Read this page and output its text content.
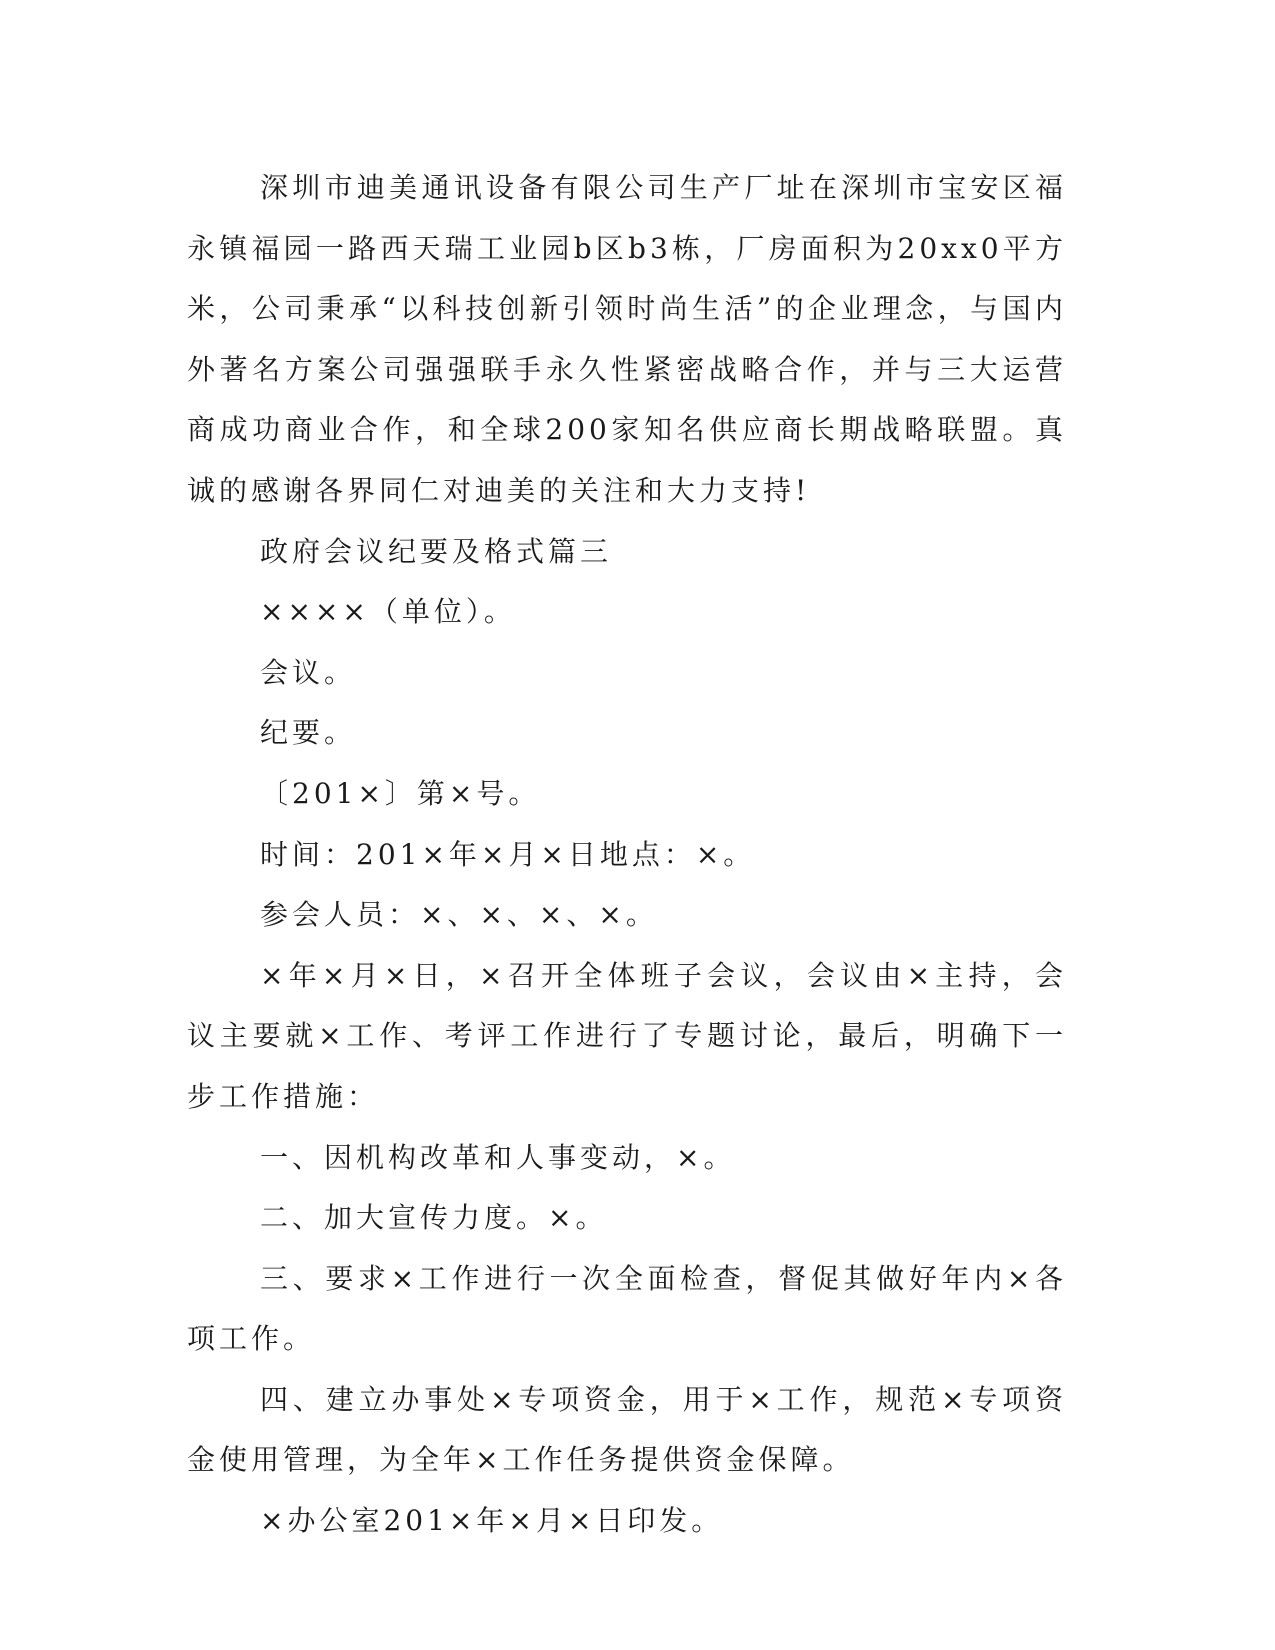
深圳市迪美通讯设备有限公司生产厂址在深圳市宝安区福永镇福园一路西天瑞工业园b区b3栋，厂房面积为20xx0平方米，公司秉承“以科技创新引领时尚生活”的企业理念，与国内外著名方案公司强强联手永久性紧密战略合作，并与三大运营商成功商业合作，和全球200家知名供应商长期战略联盟。真诚的感谢各界同仁对迪美的关注和大力支持!

政府会议纪要及格式篇三

××××（单位）。

会议。

纪要。

〔201×〕第×号。

时间：201×年×月×日地点：×。

参会人员：×、×、×、×。

×年×月×日，×召开全体班子会议，会议由×主持，会议主要就×工作、考评工作进行了专题讨论，最后，明确下一步工作措施：

一、因机构改革和人事变动，×。

二、加大宣传力度。×。

三、要求×工作进行一次全面检查，督促其做好年内×各项工作。

四、建立办事处×专项资金，用于×工作，规范×专项资金使用管理，为全年×工作任务提供资金保障。

×办公室201×年×月×日印发。
